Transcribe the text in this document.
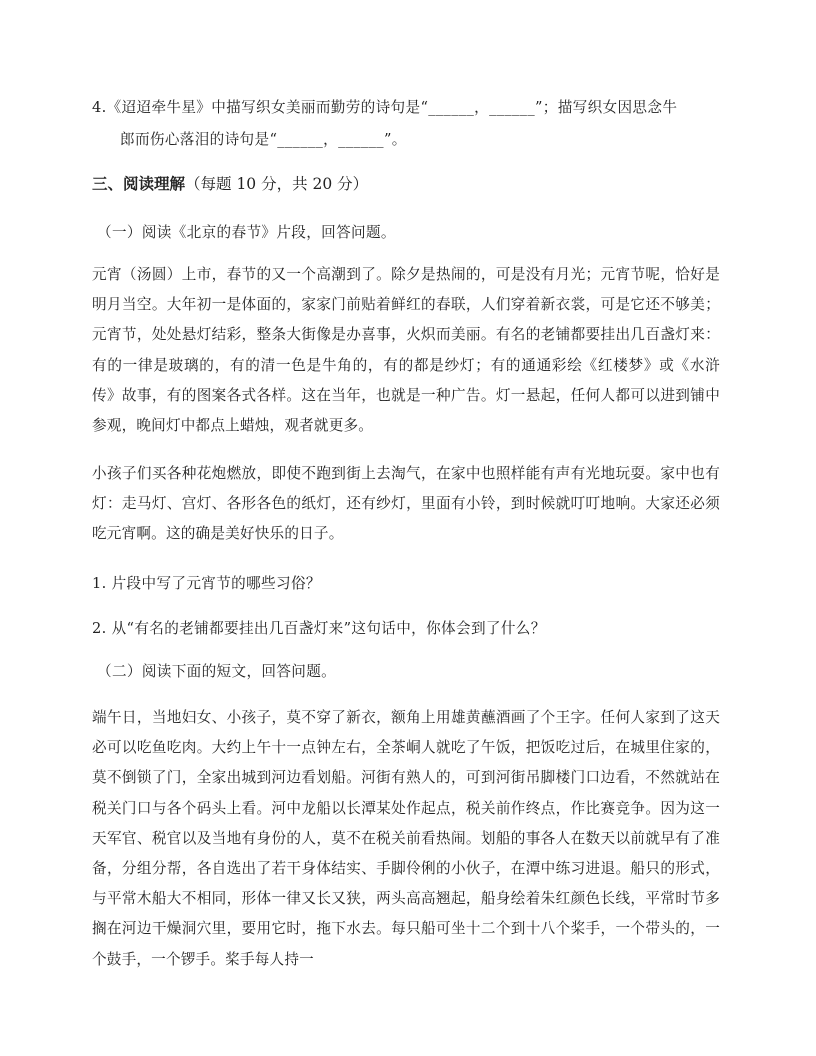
4.《迢迢牵牛星》中描写织女美丽而勤劳的诗句是“______，______”；描写织女因思念牛
郎而伤心落泪的诗句是“______，______”。
三、阅读理解（每题 10 分，共 20 分）
（一）阅读《北京的春节》片段，回答问题。
元宵（汤圆）上市，春节的又一个高潮到了。除夕是热闹的，可是没有月光；元宵节呢，恰好是明月当空。大年初一是体面的，家家门前贴着鲜红的春联，人们穿着新衣裳，可是它还不够美；元宵节，处处悬灯结彩，整条大街像是办喜事，火炽而美丽。有名的老铺都要挂出几百盏灯来：有的一律是玻璃的，有的清一色是牛角的，有的都是纱灯；有的通通彩绘《红楼梦》或《水浒传》故事，有的图案各式各样。这在当年，也就是一种广告。灯一悬起，任何人都可以进到铺中参观，晚间灯中都点上蜡烛，观者就更多。
小孩子们买各种花炮燃放，即使不跑到街上去淘气，在家中也照样能有声有光地玩耍。家中也有灯：走马灯、宫灯、各形各色的纸灯，还有纱灯，里面有小铃，到时候就叮叮地响。大家还必须吃元宵啊。这的确是美好快乐的日子。
1. 片段中写了元宵节的哪些习俗？
2. 从“有名的老铺都要挂出几百盏灯来”这句话中，你体会到了什么？
（二）阅读下面的短文，回答问题。
端午日，当地妇女、小孩子，莫不穿了新衣，额角上用雄黄蘸酒画了个王字。任何人家到了这天必可以吃鱼吃肉。大约上午十一点钟左右，全茶峒人就吃了午饭，把饭吃过后，在城里住家的，莫不倒锁了门，全家出城到河边看划船。河街有熟人的，可到河街吊脚楼门口边看，不然就站在税关门口与各个码头上看。河中龙船以长潭某处作起点，税关前作终点，作比赛竞争。因为这一天军官、税官以及当地有身份的人，莫不在税关前看热闹。划船的事各人在数天以前就早有了准备，分组分帮，各自选出了若干身体结实、手脚伶俐的小伙子，在潭中练习进退。船只的形式，与平常木船大不相同，形体一律又长又狭，两头高高翘起，船身绘着朱红颜色长线，平常时节多搁在河边干燥洞穴里，要用它时，拖下水去。每只船可坐十二个到十八个桨手，一个带头的，一个鼓手，一个锣手。桨手每人持一
